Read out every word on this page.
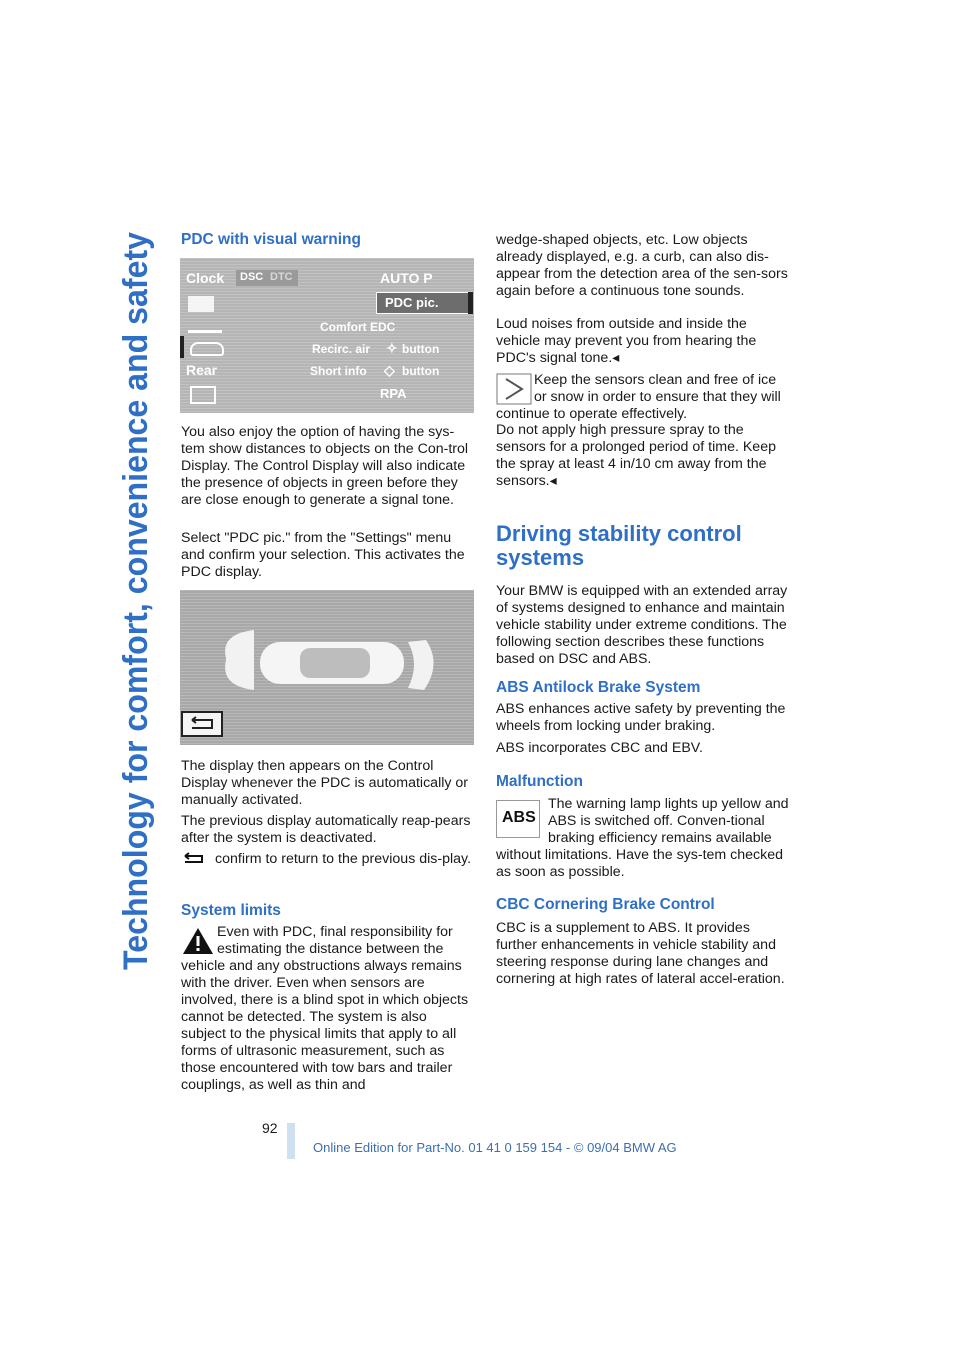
Technology for comfort, convenience and safety PDC with visual warning
Clock
Rear
DSC DTC	AUTO P
PDC pic.
Comfort EDC
Recirc. air ✧ button
Short info ◇ button
RPA

You also enjoy the option of having the sys-tem show distances to objects on the Con-trol Display. The Control Display will also indicate the presence of objects in green before they are close enough to generate a signal tone.

Select "PDC pic." from the "Settings" menu and confirm your selection. This activates the PDC display.

The display then appears on the Control Display whenever the PDC is automatically or manually activated.

The previous display automatically reap-pears after the system is deactivated.

confirm to return to the previous dis-play.

System limits

Even with PDC, final responsibility for estimating the distance between the vehicle and any obstructions always remains with the driver. Even when sensors are involved, there is a blind spot in which objects cannot be detected. The system is also subject to the physical limits that apply to all forms of ultrasonic measurement, such as those encountered with tow bars and trailer couplings, as well as thin and

wedge-shaped objects, etc. Low objects already displayed, e.g. a curb, can also dis-appear from the detection area of the sen-sors again before a continuous tone sounds.

Loud noises from outside and inside the vehicle may prevent you from hearing the PDC's signal tone.◂

Keep the sensors clean and free of ice or snow in order to ensure that they will continue to operate effectively.

Do not apply high pressure spray to the sensors for a prolonged period of time. Keep the spray at least 4 in/10 cm away from the sensors.◂

Driving stability control systems

Your BMW is equipped with an extended array of systems designed to enhance and maintain vehicle stability under extreme conditions. The following section describes these functions based on DSC and ABS.

ABS Antilock Brake System

ABS enhances active safety by preventing the wheels from locking under braking.

ABS incorporates CBC and EBV.

Malfunction
ABS

The warning lamp lights up yellow and ABS is switched off. Conven-tional braking efficiency remains available without limitations. Have the sys-tem checked as soon as possible.

CBC Cornering Brake Control

CBC is a supplement to ABS. It provides further enhancements in vehicle stability and steering response during lane changes and cornering at high rates of lateral accel-eration.

92
Online Edition for Part-No. 01 41 0 159 154 - © 09/04 BMW AG
